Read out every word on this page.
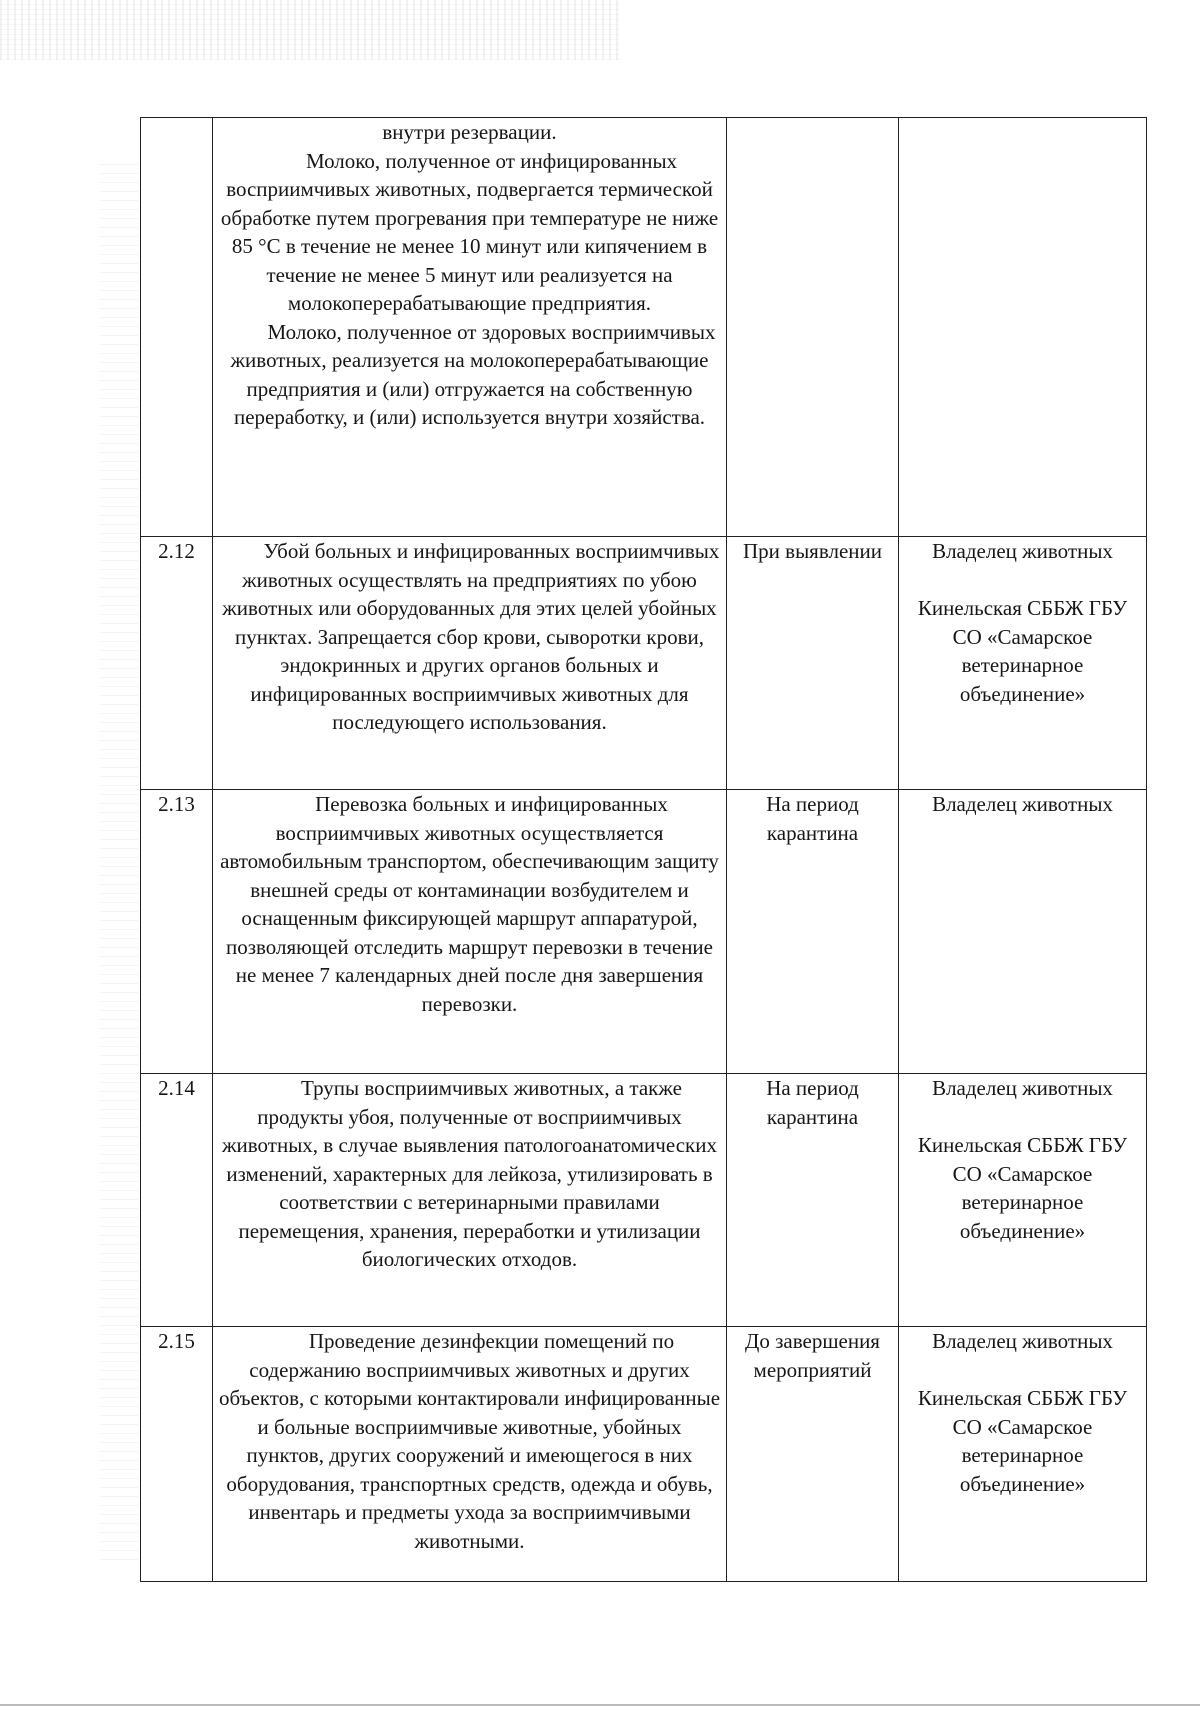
	внутри резервации.
Молоко, полученное от инфицированных восприимчивых животных, подвергается термической обработке путем прогревания при температуре не ниже 85 °С в течение не менее 10 минут или кипячением в течение не менее 5 минут или реализуется на молокоперерабатывающие предприятия.
Молоко, полученное от здоровых восприимчивых животных, реализуется на молокоперерабатывающие предприятия и (или) отгружается на собственную переработку, и (или) используется внутри хозяйства.		

2.12	Убой больных и инфицированных восприимчивых животных осуществлять на предприятиях по убою животных или оборудованных для этих целей убойных пунктах. Запрещается сбор крови, сыворотки крови, эндокринных и других органов больных и инфицированных восприимчивых животных для последующего использования.	При выявлении	Владелец животных
Кинельская СББЖ ГБУ СО «Самарское ветеринарное объединение»

2.13	Перевозка больных и инфицированных восприимчивых животных осуществляется автомобильным транспортом, обеспечивающим защиту внешней среды от контаминации возбудителем и оснащенным фиксирующей маршрут аппаратурой, позволяющей отследить маршрут перевозки в течение не менее 7 календарных дней после дня завершения перевозки.	На период карантина	Владелец животных

2.14	Трупы восприимчивых животных, а также продукты убоя, полученные от восприимчивых животных, в случае выявления патологоанатомических изменений, характерных для лейкоза, утилизировать в соответствии с ветеринарными правилами перемещения, хранения, переработки и утилизации биологических отходов.	На период карантина	Владелец животных
Кинельская СББЖ ГБУ СО «Самарское ветеринарное объединение»

2.15	Проведение дезинфекции помещений по содержанию восприимчивых животных и других объектов, с которыми контактировали инфицированные и больные восприимчивые животные, убойных пунктов, других сооружений и имеющегося в них оборудования, транспортных средств, одежда и обувь, инвентарь и предметы ухода за восприимчивыми животными.	До завершения мероприятий	Владелец животных
Кинельская СББЖ ГБУ СО «Самарское ветеринарное объединение»
